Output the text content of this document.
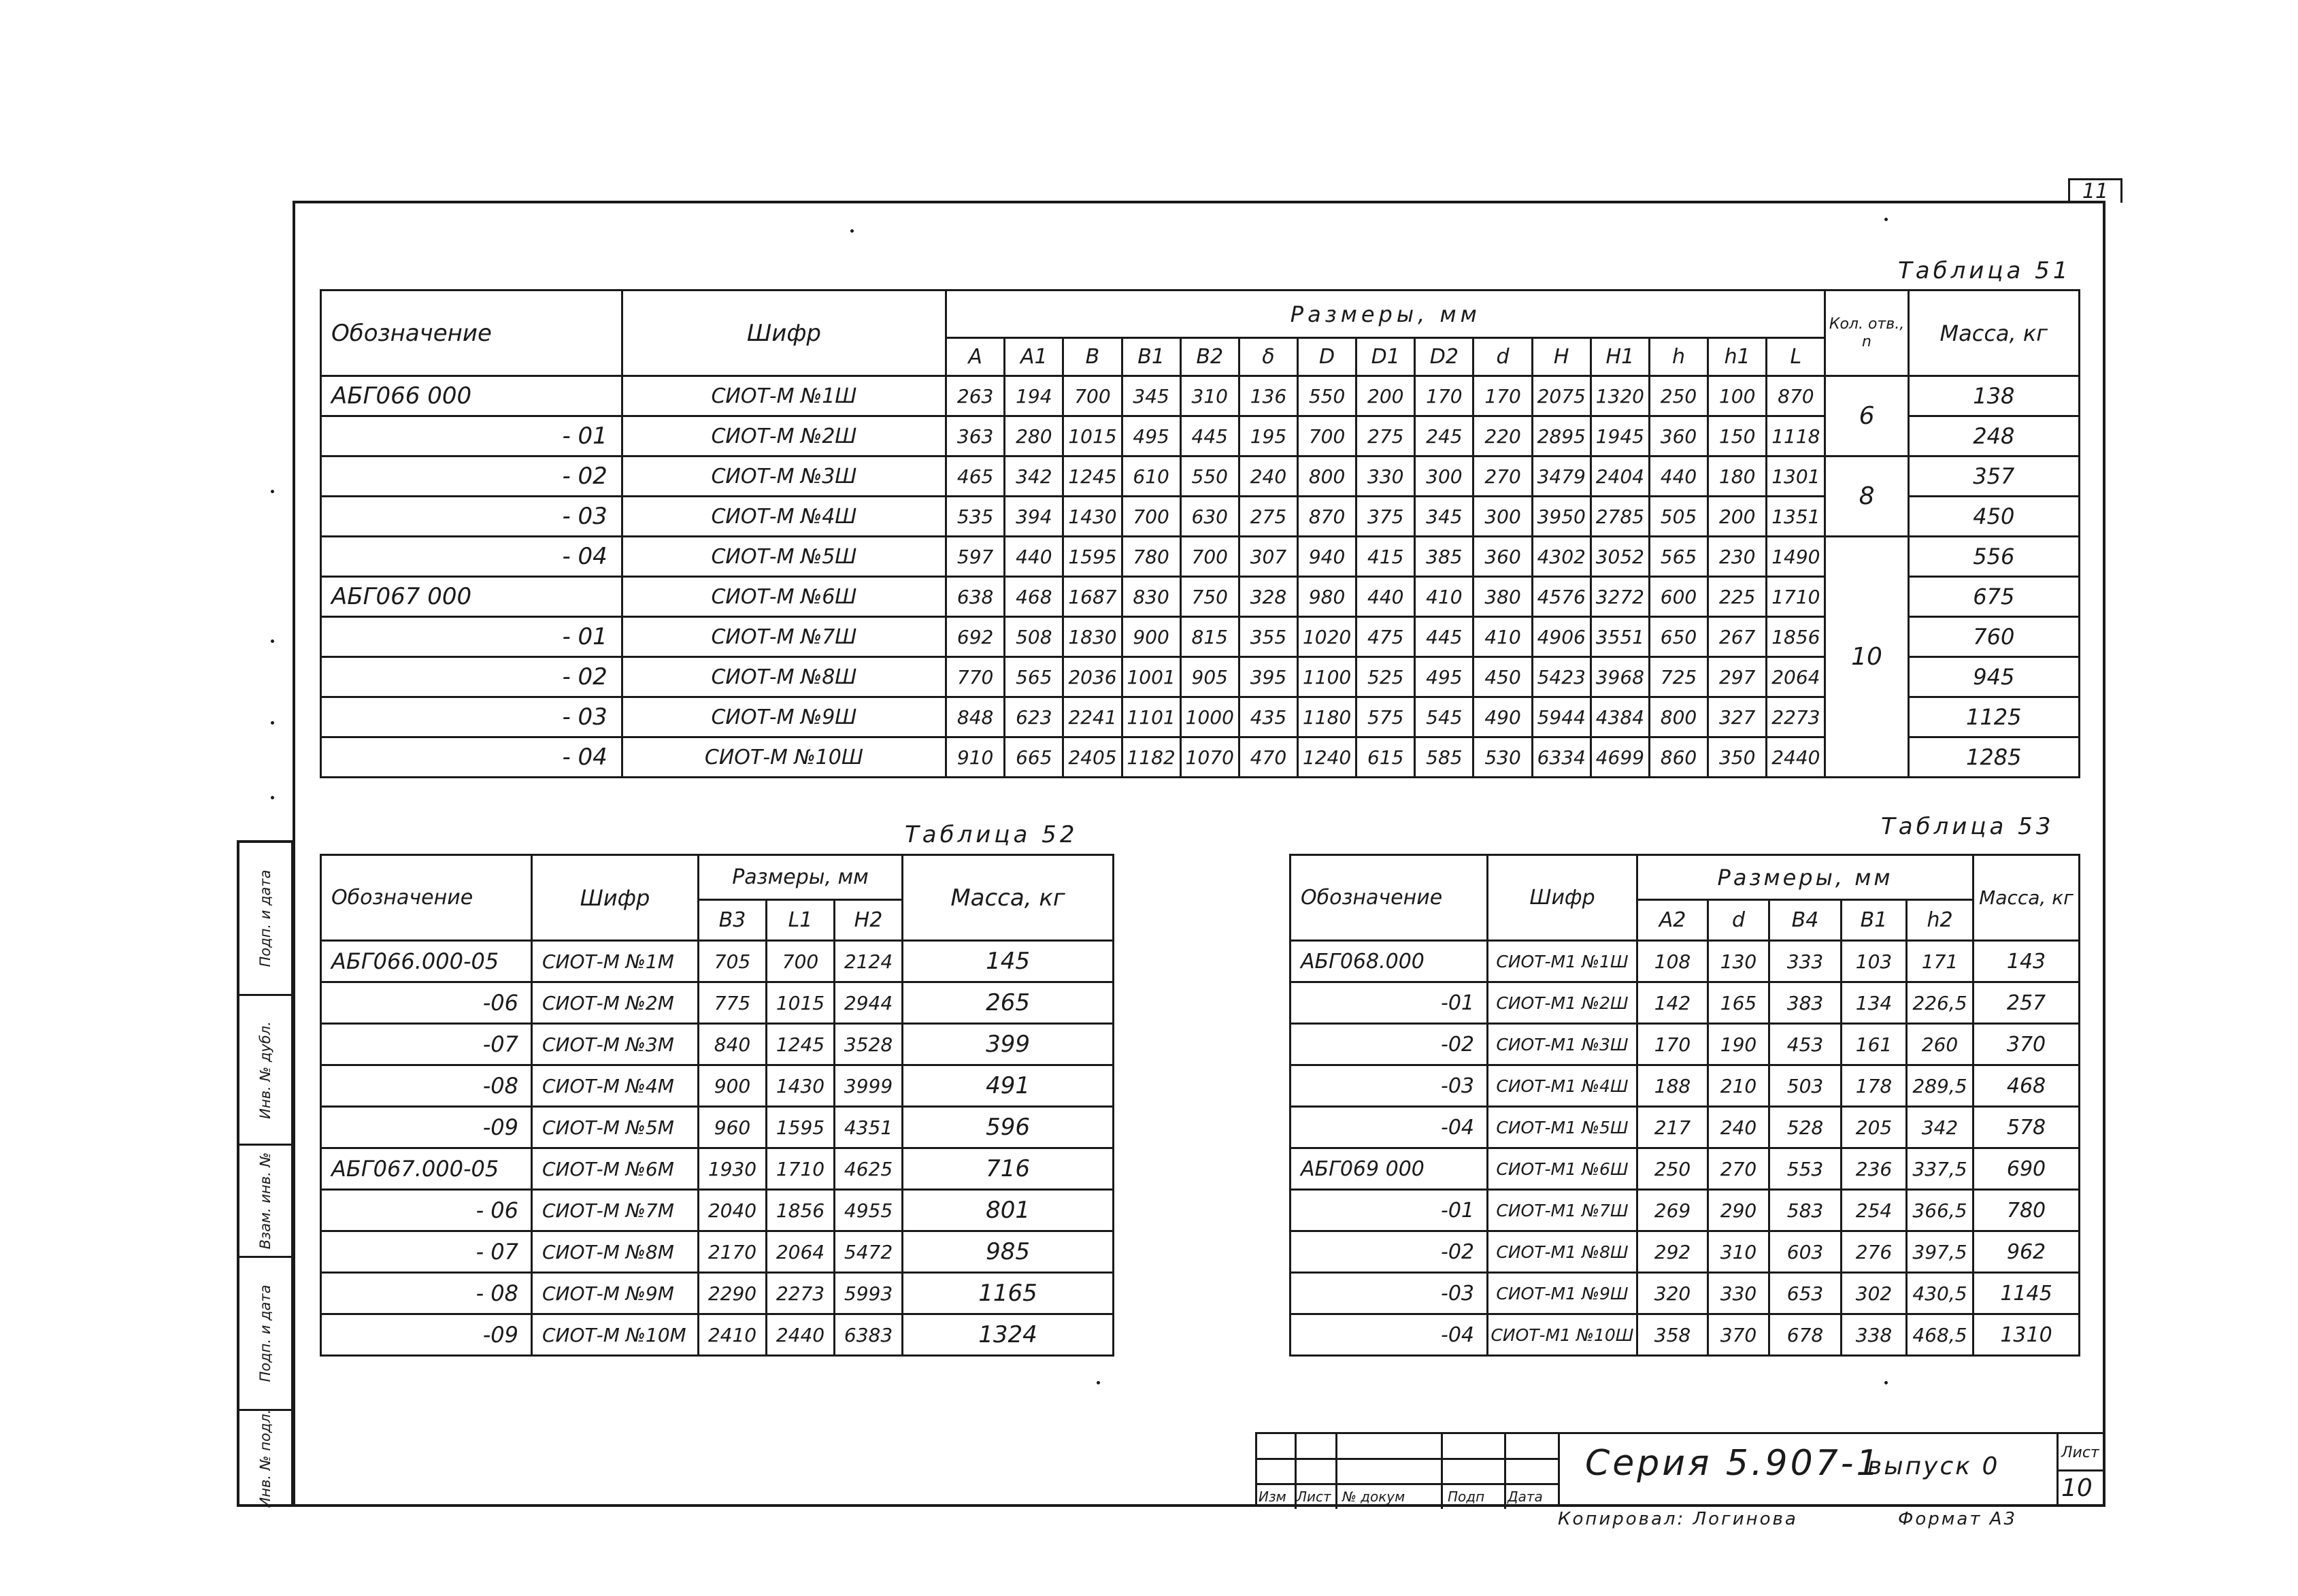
11
Таблица 51
Обозначение	Шифр	Размеры, мм															Кол. отв., n	Масса, кг
		A	A1	B	B1	B2	δ	D	D1	D2	d	H	H1	h	h1	L		
АБГ066 000	СИОТ-М №1Ш	263	194	700	345	310	136	550	200	170	170	2075	1320	250	100	870	6	138
- 01	СИОТ-М №2Ш	363	280	1015	495	445	195	700	275	245	220	2895	1945	360	150	1118		248
- 02	СИОТ-М №3Ш	465	342	1245	610	550	240	800	330	300	270	3479	2404	440	180	1301	8	357
- 03	СИОТ-М №4Ш	535	394	1430	700	630	275	870	375	345	300	3950	2785	505	200	1351		450
- 04	СИОТ-М №5Ш	597	440	1595	780	700	307	940	415	385	360	4302	3052	565	230	1490	10	556
АБГ067 000	СИОТ-М №6Ш	638	468	1687	830	750	328	980	440	410	380	4576	3272	600	225	1710		675
- 01	СИОТ-М №7Ш	692	508	1830	900	815	355	1020	475	445	410	4906	3551	650	267	1856		760
- 02	СИОТ-М №8Ш	770	565	2036	1001	905	395	1100	525	495	450	5423	3968	725	297	2064		945
- 03	СИОТ-М №9Ш	848	623	2241	1101	1000	435	1180	575	545	490	5944	4384	800	327	2273		1125
- 04	СИОТ-М №10Ш	910	665	2405	1182	1070	470	1240	615	585	530	6334	4699	860	350	2440		1285
Таблица 52
Обозначение	Шифр	Размеры, мм			Масса, кг
		B3	L1	H2	
АБГ066.000-05	СИОТ-М №1М	705	700	2124	145
-06	СИОТ-М №2М	775	1015	2944	265
-07	СИОТ-М №3М	840	1245	3528	399
-08	СИОТ-М №4М	900	1430	3999	491
-09	СИОТ-М №5М	960	1595	4351	596
АБГ067.000-05	СИОТ-М №6М	1930	1710	4625	716
- 06	СИОТ-М №7М	2040	1856	4955	801
- 07	СИОТ-М №8М	2170	2064	5472	985
- 08	СИОТ-М №9М	2290	2273	5993	1165
-09	СИОТ-М №10М	2410	2440	6383	1324
Таблица 53
Обозначение	Шифр	Размеры, мм					Масса, кг
		A2	d	B4	B1	h2	
АБГ068.000	СИОТ-М1 №1Ш	108	130	333	103	171	143
-01	СИОТ-М1 №2Ш	142	165	383	134	226,5	257
-02	СИОТ-М1 №3Ш	170	190	453	161	260	370
-03	СИОТ-М1 №4Ш	188	210	503	178	289,5	468
-04	СИОТ-М1 №5Ш	217	240	528	205	342	578
АБГ069 000	СИОТ-М1 №6Ш	250	270	553	236	337,5	690
-01	СИОТ-М1 №7Ш	269	290	583	254	366,5	780
-02	СИОТ-М1 №8Ш	292	310	603	276	397,5	962
-03	СИОТ-М1 №9Ш	320	330	653	302	430,5	1145
-04	СИОТ-М1 №10Ш	358	370	678	338	468,5	1310
Подп. и дата
Инв. № дубл.
Взам. инв. №
Подп. и дата
Инв. № подл.	Изм Лист № докум	Подп Дата
Серия 5.907-1
выпуск 0	Лист
10
Копировал: Логинова	Формат А3
